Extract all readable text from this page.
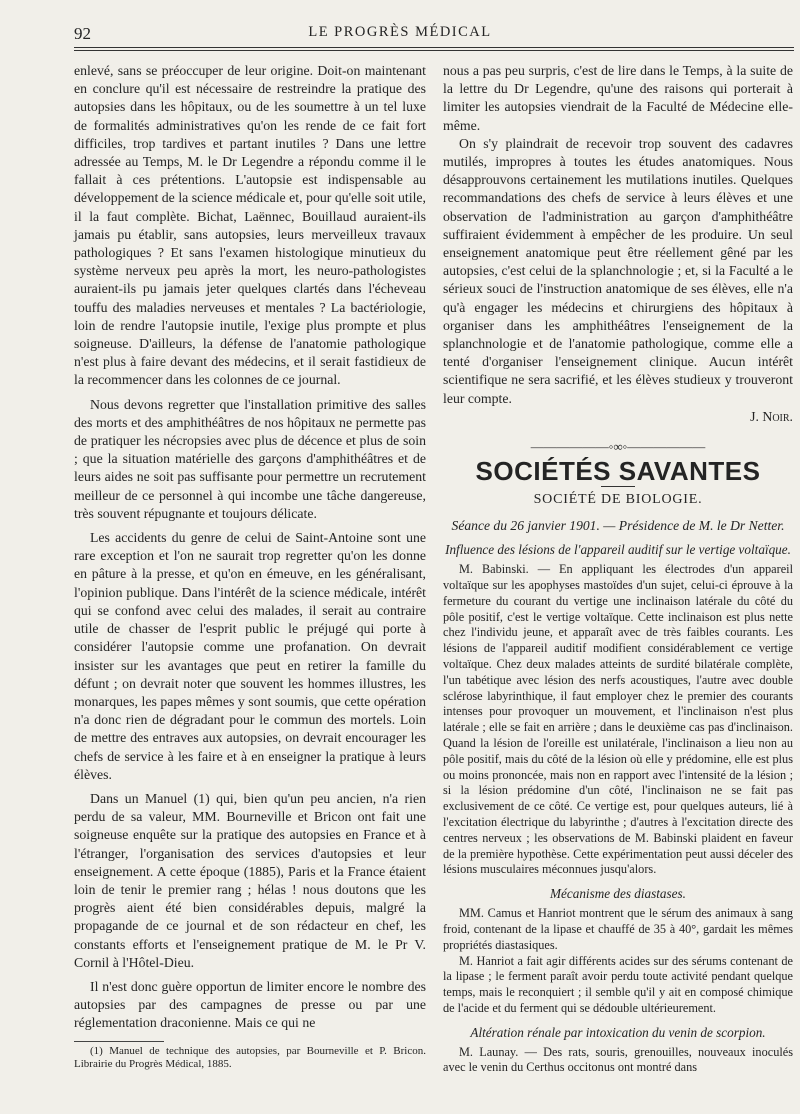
92	LE PROGRÈS MÉDICAL

enlevé, sans se préoccuper de leur origine. Doit-on maintenant en conclure qu'il est nécessaire de restreindre la pratique des autopsies dans les hôpitaux, ou de les soumettre à un tel luxe de formalités administratives qu'on les rende de ce fait fort difficiles, trop tardives et partant inutiles ? Dans une lettre adressée au Temps, M. le Dr Legendre a répondu comme il le fallait à ces prétentions. L'autopsie est indispensable au développement de la science médicale et, pour qu'elle soit utile, il la faut complète. Bichat, Laënnec, Bouillaud auraient-ils jamais pu établir, sans autopsies, leurs merveilleux travaux pathologiques ? Et sans l'examen histologique minutieux du système nerveux peu après la mort, les neuro-pathologistes auraient-ils pu jamais jeter quelques clartés dans l'écheveau touffu des maladies nerveuses et mentales ? La bactériologie, loin de rendre l'autopsie inutile, l'exige plus prompte et plus soigneuse. D'ailleurs, la défense de l'anatomie pathologique n'est plus à faire devant des médecins, et il serait fastidieux de la recommencer dans les colonnes de ce journal.

Nous devons regretter que l'installation primitive des salles des morts et des amphithéâtres de nos hôpitaux ne permette pas de pratiquer les nécropsies avec plus de décence et plus de soin ; que la situation matérielle des garçons d'amphithéâtres et de leurs aides ne soit pas suffisante pour permettre un recrutement meilleur de ce personnel à qui incombe une tâche dangereuse, très souvent répugnante et toujours délicate.

Les accidents du genre de celui de Saint-Antoine sont une rare exception et l'on ne saurait trop regretter qu'on les donne en pâture à la presse, et qu'on en émeuve, en les généralisant, l'opinion publique. Dans l'intérêt de la science médicale, intérêt qui se confond avec celui des malades, il serait au contraire utile de chasser de l'esprit public le préjugé qui porte à considérer l'autopsie comme une profanation. On devrait insister sur les avantages que peut en retirer la famille du défunt ; on devrait noter que souvent les hommes illustres, les monarques, les papes mêmes y sont soumis, que cette opération n'a donc rien de dégradant pour le commun des mortels. Loin de mettre des entraves aux autopsies, on devrait encourager les chefs de service à les faire et à en enseigner la pratique à leurs élèves.

Dans un Manuel (1) qui, bien qu'un peu ancien, n'a rien perdu de sa valeur, MM. Bourneville et Bricon ont fait une soigneuse enquête sur la pratique des autopsies en France et à l'étranger, l'organisation des services d'autopsies et leur enseignement. A cette époque (1885), Paris et la France étaient loin de tenir le premier rang ; hélas ! nous doutons que les progrès aient été bien considérables depuis, malgré la propagande de ce journal et de son rédacteur en chef, les constants efforts et l'enseignement pratique de M. le Pr V. Cornil à l'Hôtel-Dieu.

Il n'est donc guère opportun de limiter encore le nombre des autopsies par des campagnes de presse ou par une réglementation draconienne. Mais ce qui ne

(1) Manuel de technique des autopsies, par Bourneville et P. Bricon. Librairie du Progrès Médical, 1885.

nous a pas peu surpris, c'est de lire dans le Temps, à la suite de la lettre du Dr Legendre, qu'une des raisons qui porterait à limiter les autopsies viendrait de la Faculté de Médecine elle-même.

On s'y plaindrait de recevoir trop souvent des cadavres mutilés, impropres à toutes les études anatomiques. Nous désapprouvons certainement les mutilations inutiles. Quelques recommandations des chefs de service à leurs élèves et une observation de l'administration au garçon d'amphithéâtre suffiraient évidemment à empêcher de les produire. Un seul enseignement anatomique peut être réellement gêné par les autopsies, c'est celui de la splanchnologie ; et, si la Faculté a le sérieux souci de l'instruction anatomique de ses élèves, elle n'a qu'à engager les médecins et chirurgiens des hôpitaux à organiser dans les amphithéâtres l'enseignement de la splanchnologie et de l'anatomie pathologique, comme elle a tenté d'organiser l'enseignement clinique. Aucun intérêt scientifique ne sera sacrifié, et les élèves studieux y trouveront leur compte.

J. Noir.

——————◦∞◦——————
SOCIÉTÉS SAVANTES
SOCIÉTÉ DE BIOLOGIE.
Séance du 26 janvier 1901. — Présidence de M. le Dr Netter.
Influence des lésions de l'appareil auditif sur le vertige voltaïque.

M. Babinski. — En appliquant les électrodes d'un appareil voltaïque sur les apophyses mastoïdes d'un sujet, celui-ci éprouve à la fermeture du courant du vertige une inclinaison latérale du côté du pôle positif, c'est le vertige voltaïque. Cette inclinaison est plus nette chez l'individu jeune, et apparaît avec de très faibles courants. Les lésions de l'appareil auditif modifient considérablement ce vertige voltaïque. Chez deux malades atteints de surdité bilatérale complète, l'un tabétique avec lésion des nerfs acoustiques, l'autre avec double sclérose labyrinthique, il faut employer chez le premier des courants intenses pour provoquer un mouvement, et l'inclinaison n'est plus latérale ; elle se fait en arrière ; dans le deuxième cas pas d'inclinaison. Quand la lésion de l'oreille est unilatérale, l'inclinaison a lieu non au pôle positif, mais du côté de la lésion où elle y prédomine, elle est plus ou moins prononcée, mais non en rapport avec l'intensité de la lésion ; si la lésion prédomine d'un côté, l'inclinaison ne se fait pas exclusivement de ce côté. Ce vertige est, pour quelques auteurs, lié à l'excitation électrique du labyrinthe ; d'autres à l'excitation directe des centres nerveux ; les observations de M. Babinski plaident en faveur de la première hypothèse. Cette expérimentation peut aussi déceler des lésions musculaires méconnues jusqu'alors.

Mécanisme des diastases.

MM. Camus et Hanriot montrent que le sérum des animaux à sang froid, contenant de la lipase et chauffé de 35 à 40°, gardait les mêmes propriétés diastasiques.

M. Hanriot a fait agir différents acides sur des sérums contenant de la lipase ; le ferment paraît avoir perdu toute activité pendant quelque temps, mais le reconquiert ; il semble qu'il y ait en composé chimique de l'acide et du ferment qui se dédouble ultérieurement.

Altération rénale par intoxication du venin de scorpion.

M. Launay. — Des rats, souris, grenouilles, nouveaux inoculés avec le venin du Certhus occitonus ont montré dans
